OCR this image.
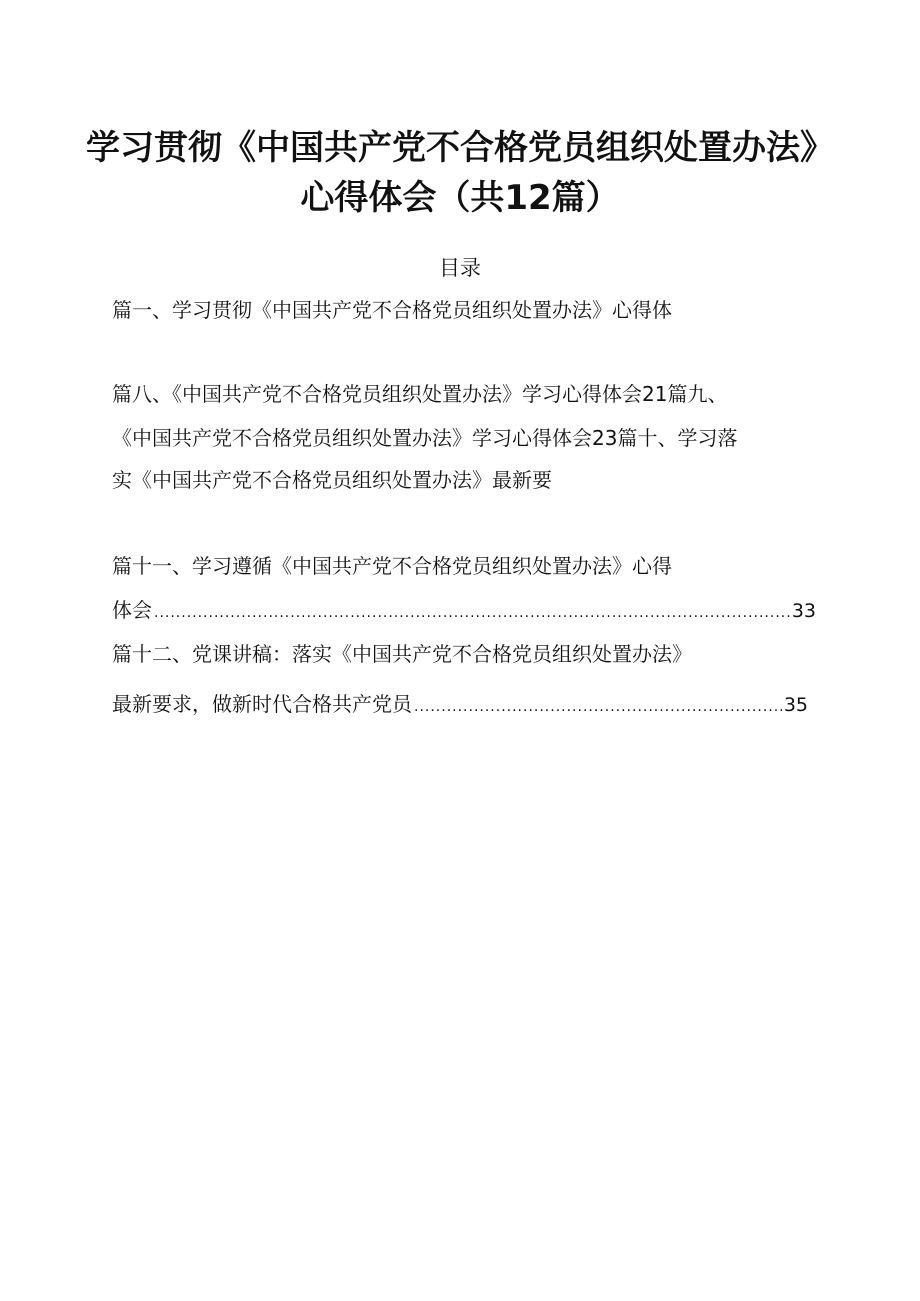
学习贯彻《中国共产党不合格党员组织处置办法》
心得体会（共12篇）
目录
篇一、学习贯彻《中国共产党不合格党员组织处置办法》心得体
篇八、《中国共产党不合格党员组织处置办法》学习心得体会21篇九、
《中国共产党不合格党员组织处置办法》学习心得体会23篇十、学习落
实《中国共产党不合格党员组织处置办法》最新要
篇十一、学习遵循《中国共产党不合格党员组织处置办法》心得
体会 .....	33
篇十二、党课讲稿：落实《中国共产党不合格党员组织处置办法》
最新要求，做新时代合格共产党员 .....	35
